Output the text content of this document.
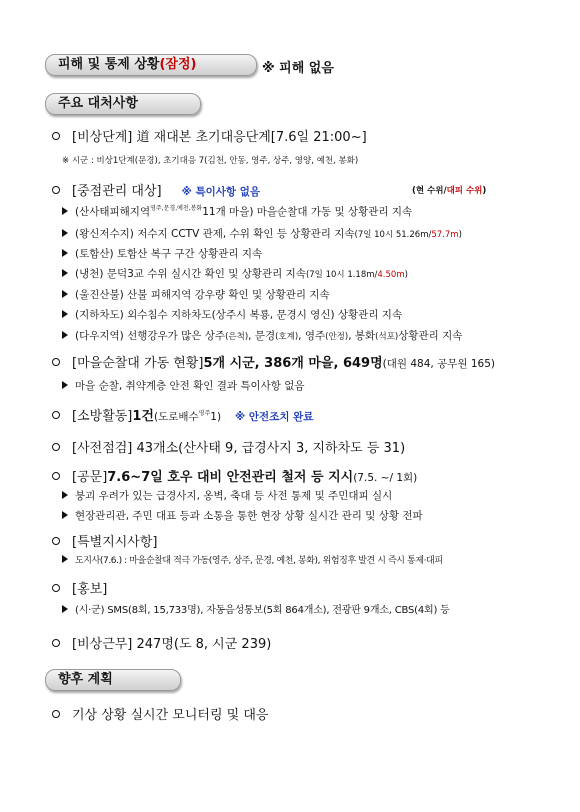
피해 및 통제 상황(잠정)	※ 피해 없음
주요 대처사항
[비상단계] 道 재대본 초기대응단계[7.6일 21:00~]
※ 시군 : 비상1단계(문경), 초기대응 7(김천, 안동, 영주, 상주, 영양, 예천, 봉화)
[중점관리 대상] ※ 특이사항 없음	(현 수위/대피 수위)
(산사태피해지역 영주,문경,예천,봉화 11개 마을) 마을순찰대 가동 및 상황관리 지속
(왕신저수지) 저수지 CCTV 관제, 수위 확인 등 상황관리 지속 (7일 10시 51.26m/ 57.7m )
(토함산) 토함산 복구 구간 상황관리 지속
(냉천) 문덕3교 수위 실시간 확인 및 상황관리 지속 (7일 10시 1.18m/ 4.50m )
(울진산불) 산불 피해지역 강우량 확인 및 상황관리 지속
(지하차도) 외수침수 지하차도(상주시 복룡, 문경시 영신) 상황관리 지속
(다우지역) 선행강우가 많은 상주 (은척) , 문경 (호계) , 영주 (안정) , 봉화 (석포) 상황관리 지속
[마을순찰대 가동 현황] 5개 시군, 386개 마을, 649명 (대원 484, 공무원 165)
마을 순찰, 취약계층 안전 확인 결과 특이사항 없음
[소방활동] 1건 (도로배수 영주 1) ※ 안전조치 완료
[사전점검] 43개소(산사태 9, 급경사지 3, 지하차도 등 31)
[공문] 7.6~7일 호우 대비 안전관리 철저 등 지시 (7.5. ~/ 1회)
붕괴 우려가 있는 급경사지, 옹벽, 축대 등 사전 통제 및 주민대피 실시
현장관리관, 주민 대표 등과 소통을 통한 현장 상황 실시간 관리 및 상황 전파
[특별지시사항]
도지사(7.6.) : 마을순찰대 적극 가동(영주, 상주, 문경, 예천, 봉화), 위험징후 발견 시 즉시 통제·대피
[홍보]
(시·군) SMS(8회, 15,733명), 자동음성통보(5회 864개소), 전광판 9개소, CBS(4회) 등
[비상근무] 247명(도 8, 시군 239)
향후 계획
기상 상황 실시간 모니터링 및 대응
